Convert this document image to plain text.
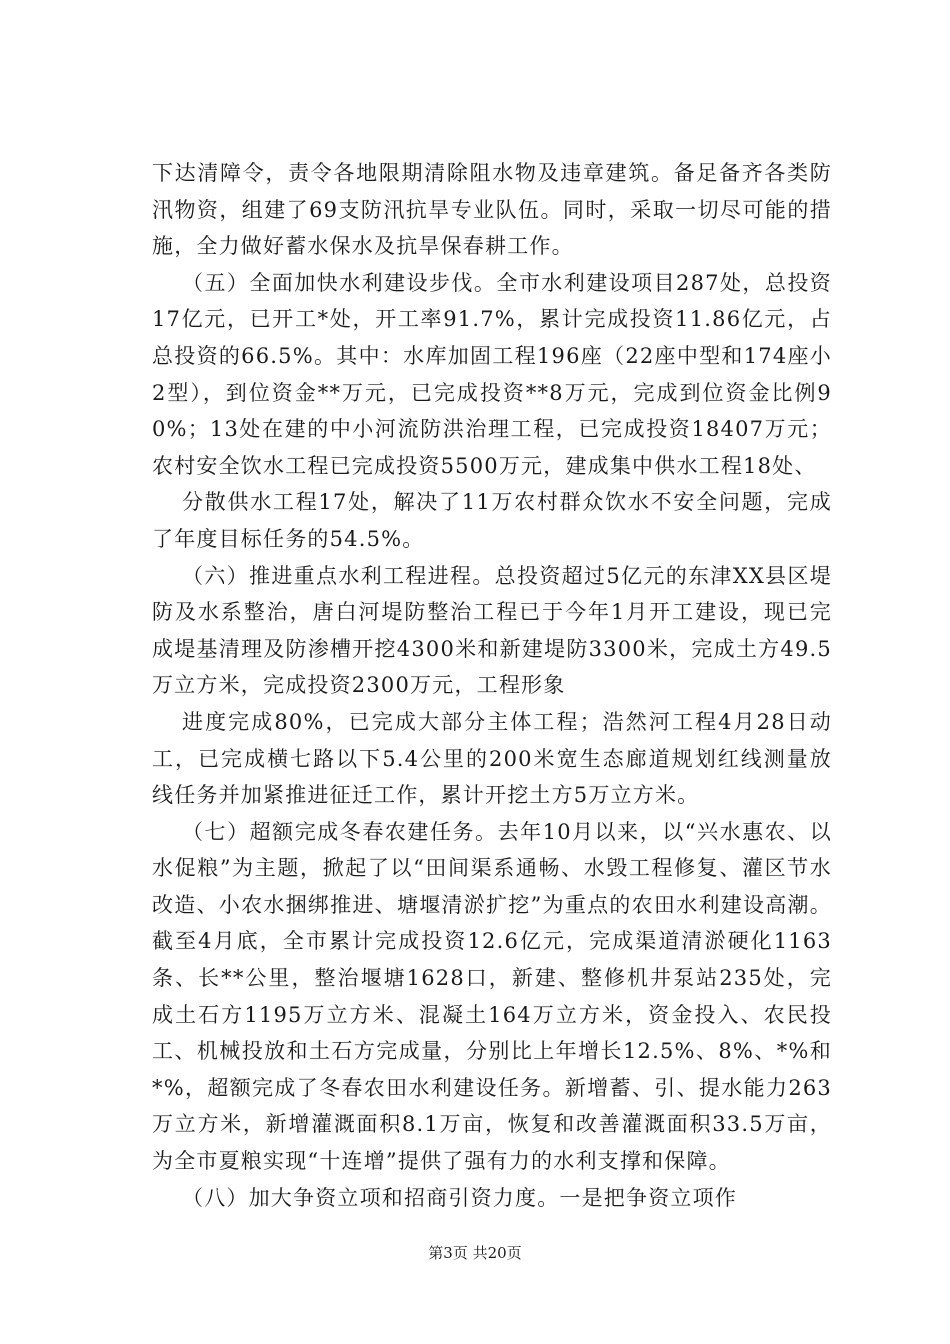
下达清障令，责令各地限期清除阻水物及违章建筑。备足备齐各类防汛物资，组建了69支防汛抗旱专业队伍。同时，采取一切尽可能的措施，全力做好蓄水保水及抗旱保春耕工作。

（五）全面加快水利建设步伐。全市水利建设项目287处，总投资17亿元，已开工*处，开工率91.7%，累计完成投资11.86亿元，占总投资的66.5%。其中：水库加固工程196座（22座中型和174座小2型），到位资金**万元，已完成投资**8万元，完成到位资金比例90%；13处在建的中小河流防洪治理工程，已完成投资18407万元；农村安全饮水工程已完成投资5500万元，建成集中供水工程18处、

分散供水工程17处，解决了11万农村群众饮水不安全问题，完成了年度目标任务的54.5%。

（六）推进重点水利工程进程。总投资超过5亿元的东津XX县区堤防及水系整治，唐白河堤防整治工程已于今年1月开工建设，现已完成堤基清理及防渗槽开挖4300米和新建堤防3300米，完成土方49.5万立方米，完成投资2300万元，工程形象

进度完成80%，已完成大部分主体工程；浩然河工程4月28日动工，已完成横七路以下5.4公里的200米宽生态廊道规划红线测量放线任务并加紧推进征迁工作，累计开挖土方5万立方米。

（七）超额完成冬春农建任务。去年10月以来，以“兴水惠农、以水促粮”为主题，掀起了以“田间渠系通畅、水毁工程修复、灌区节水改造、小农水捆绑推进、塘堰清淤扩挖”为重点的农田水利建设高潮。截至4月底，全市累计完成投资12.6亿元，完成渠道清淤硬化1163条、长**公里，整治堰塘1628口，新建、整修机井泵站235处，完成土石方1195万立方米、混凝土164万立方米，资金投入、农民投工、机械投放和土石方完成量，分别比上年增长12.5%、8%、*%和*%，超额完成了冬春农田水利建设任务。新增蓄、引、提水能力263万立方米，新增灌溉面积8.1万亩，恢复和改善灌溉面积33.5万亩，为全市夏粮实现“十连增”提供了强有力的水利支撑和保障。

（八）加大争资立项和招商引资力度。一是把争资立项作

第3页 共20页
